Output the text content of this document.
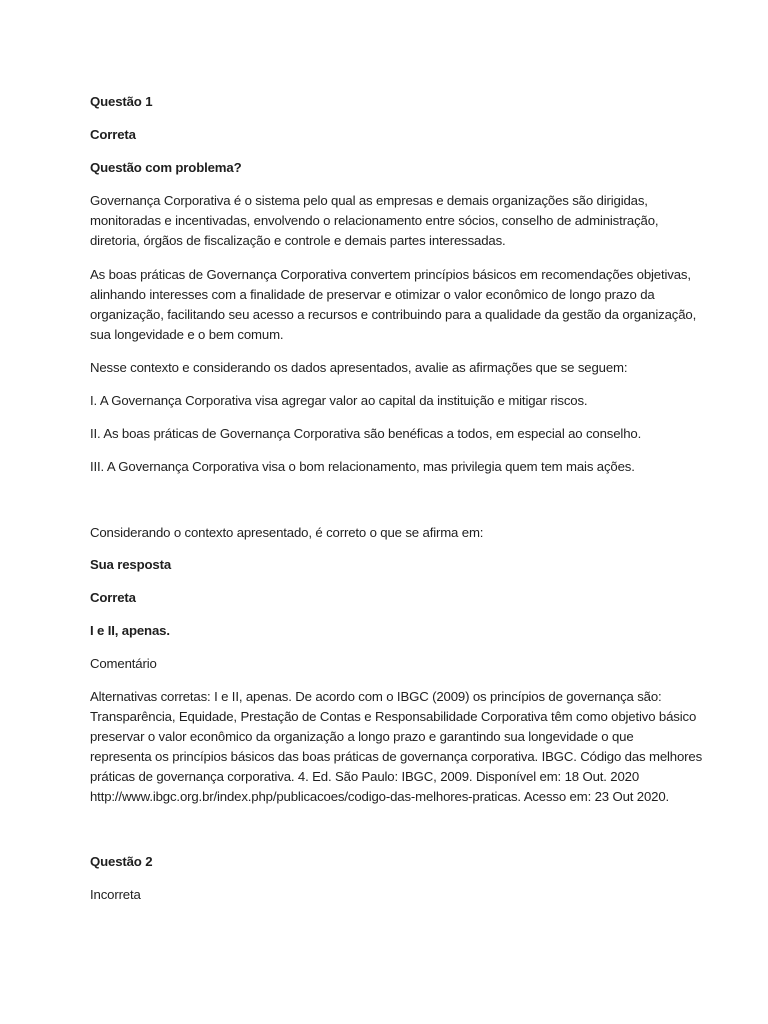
Questão 1
Correta
Questão com problema?
Governança Corporativa é o sistema pelo qual as empresas e demais organizações são dirigidas,
monitoradas e incentivadas, envolvendo o relacionamento entre sócios, conselho de administração,
diretoria, órgãos de fiscalização e controle e demais partes interessadas.
As boas práticas de Governança Corporativa convertem princípios básicos em recomendações objetivas,
alinhando interesses com a finalidade de preservar e otimizar o valor econômico de longo prazo da
organização, facilitando seu acesso a recursos e contribuindo para a qualidade da gestão da organização,
sua longevidade e o bem comum.
Nesse contexto e considerando os dados apresentados, avalie as afirmações que se seguem:
I. A Governança Corporativa visa agregar valor ao capital da instituição e mitigar riscos.
II. As boas práticas de Governança Corporativa são benéficas a todos, em especial ao conselho.
III. A Governança Corporativa visa o bom relacionamento, mas privilegia quem tem mais ações.
Considerando o contexto apresentado, é correto o que se afirma em:
Sua resposta
Correta
I e II, apenas.
Comentário
Alternativas corretas: I e II, apenas. De acordo com o IBGC (2009) os princípios de governança são:
Transparência, Equidade, Prestação de Contas e Responsabilidade Corporativa têm como objetivo básico
preservar o valor econômico da organização a longo prazo e garantindo sua longevidade o que
representa os princípios básicos das boas práticas de governança corporativa. IBGC. Código das melhores
práticas de governança corporativa. 4. Ed. São Paulo: IBGC, 2009. Disponível em: 18 Out. 2020
http://www.ibgc.org.br/index.php/publicacoes/codigo-das-melhores-praticas. Acesso em: 23 Out 2020.
Questão 2
Incorreta
